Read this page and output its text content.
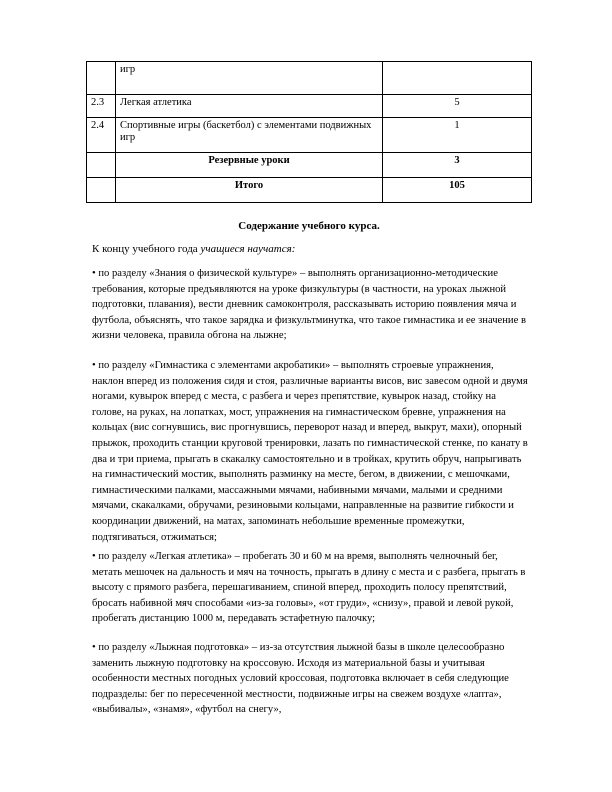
	игр	
2.3	Легкая атлетика	5
2.4	Спортивные игры (баскетбол) с элементами подвижных игр	1
	Резервные уроки	3
	Итого	105
Содержание учебного курса.
К концу учебного года учащиеся научатся:

• по разделу «Знания о физической культуре» – выполнять организационно-методические требования, которые предъявляются на уроке физкультуры (в частности, на уроках лыжной подготовки, плавания), вести дневник самоконтроля, рассказывать историю появления мяча и футбола, объяснять, что такое зарядка и физкультминутка, что такое гимнастика и ее значение в жизни человека, правила обгона на лыжне;

• по разделу «Гимнастика с элементами акробатики» – выполнять строевые упражнения, наклон вперед из положения сидя и стоя, различные варианты висов, вис завесом одной и двумя ногами, кувырок вперед с места, с разбега и через препятствие, кувырок назад, стойку на голове, на руках, на лопатках, мост, упражнения на гимнастическом бревне, упражнения на кольцах (вис согнувшись, вис прогнувшись, переворот назад и вперед, выкрут, махи), опорный прыжок, проходить станции круговой тренировки, лазать по гимнастической стенке, по канату в два и три приема, прыгать в скакалку самостоятельно и в тройках, крутить обруч, напрыгивать на гимнастический мостик, выполнять разминку на месте, бегом, в движении, с мешочками, гимнастическими палками, массажными мячами, набивными мячами, малыми и средними мячами, скакалками, обручами, резиновыми кольцами, направленные на развитие гибкости и координации движений, на матах, запоминать небольшие временные промежутки, подтягиваться, отжиматься;

• по разделу «Легкая атлетика» – пробегать 30 и 60 м на время, выполнять челночный бег, метать мешочек на дальность и мяч на точность, прыгать в длину с места и с разбега, прыгать в высоту с прямого разбега, перешагиванием, спиной вперед, проходить полосу препятствий, бросать набивной мяч способами «из-за головы», «от груди», «снизу», правой и левой рукой, пробегать дистанцию 1000 м, передавать эстафетную палочку;

• по разделу «Лыжная подготовка» – из-за отсутствия лыжной базы в школе целесообразно заменить лыжную подготовку на кроссовую. Исходя из материальной базы и учитывая особенности местных погодных условий кроссовая, подготовка включает в себя следующие подразделы: бег по пересеченной местности, подвижные игры на свежем воздухе «лапта», «выбивалы», «знамя», «футбол на снегу»,
